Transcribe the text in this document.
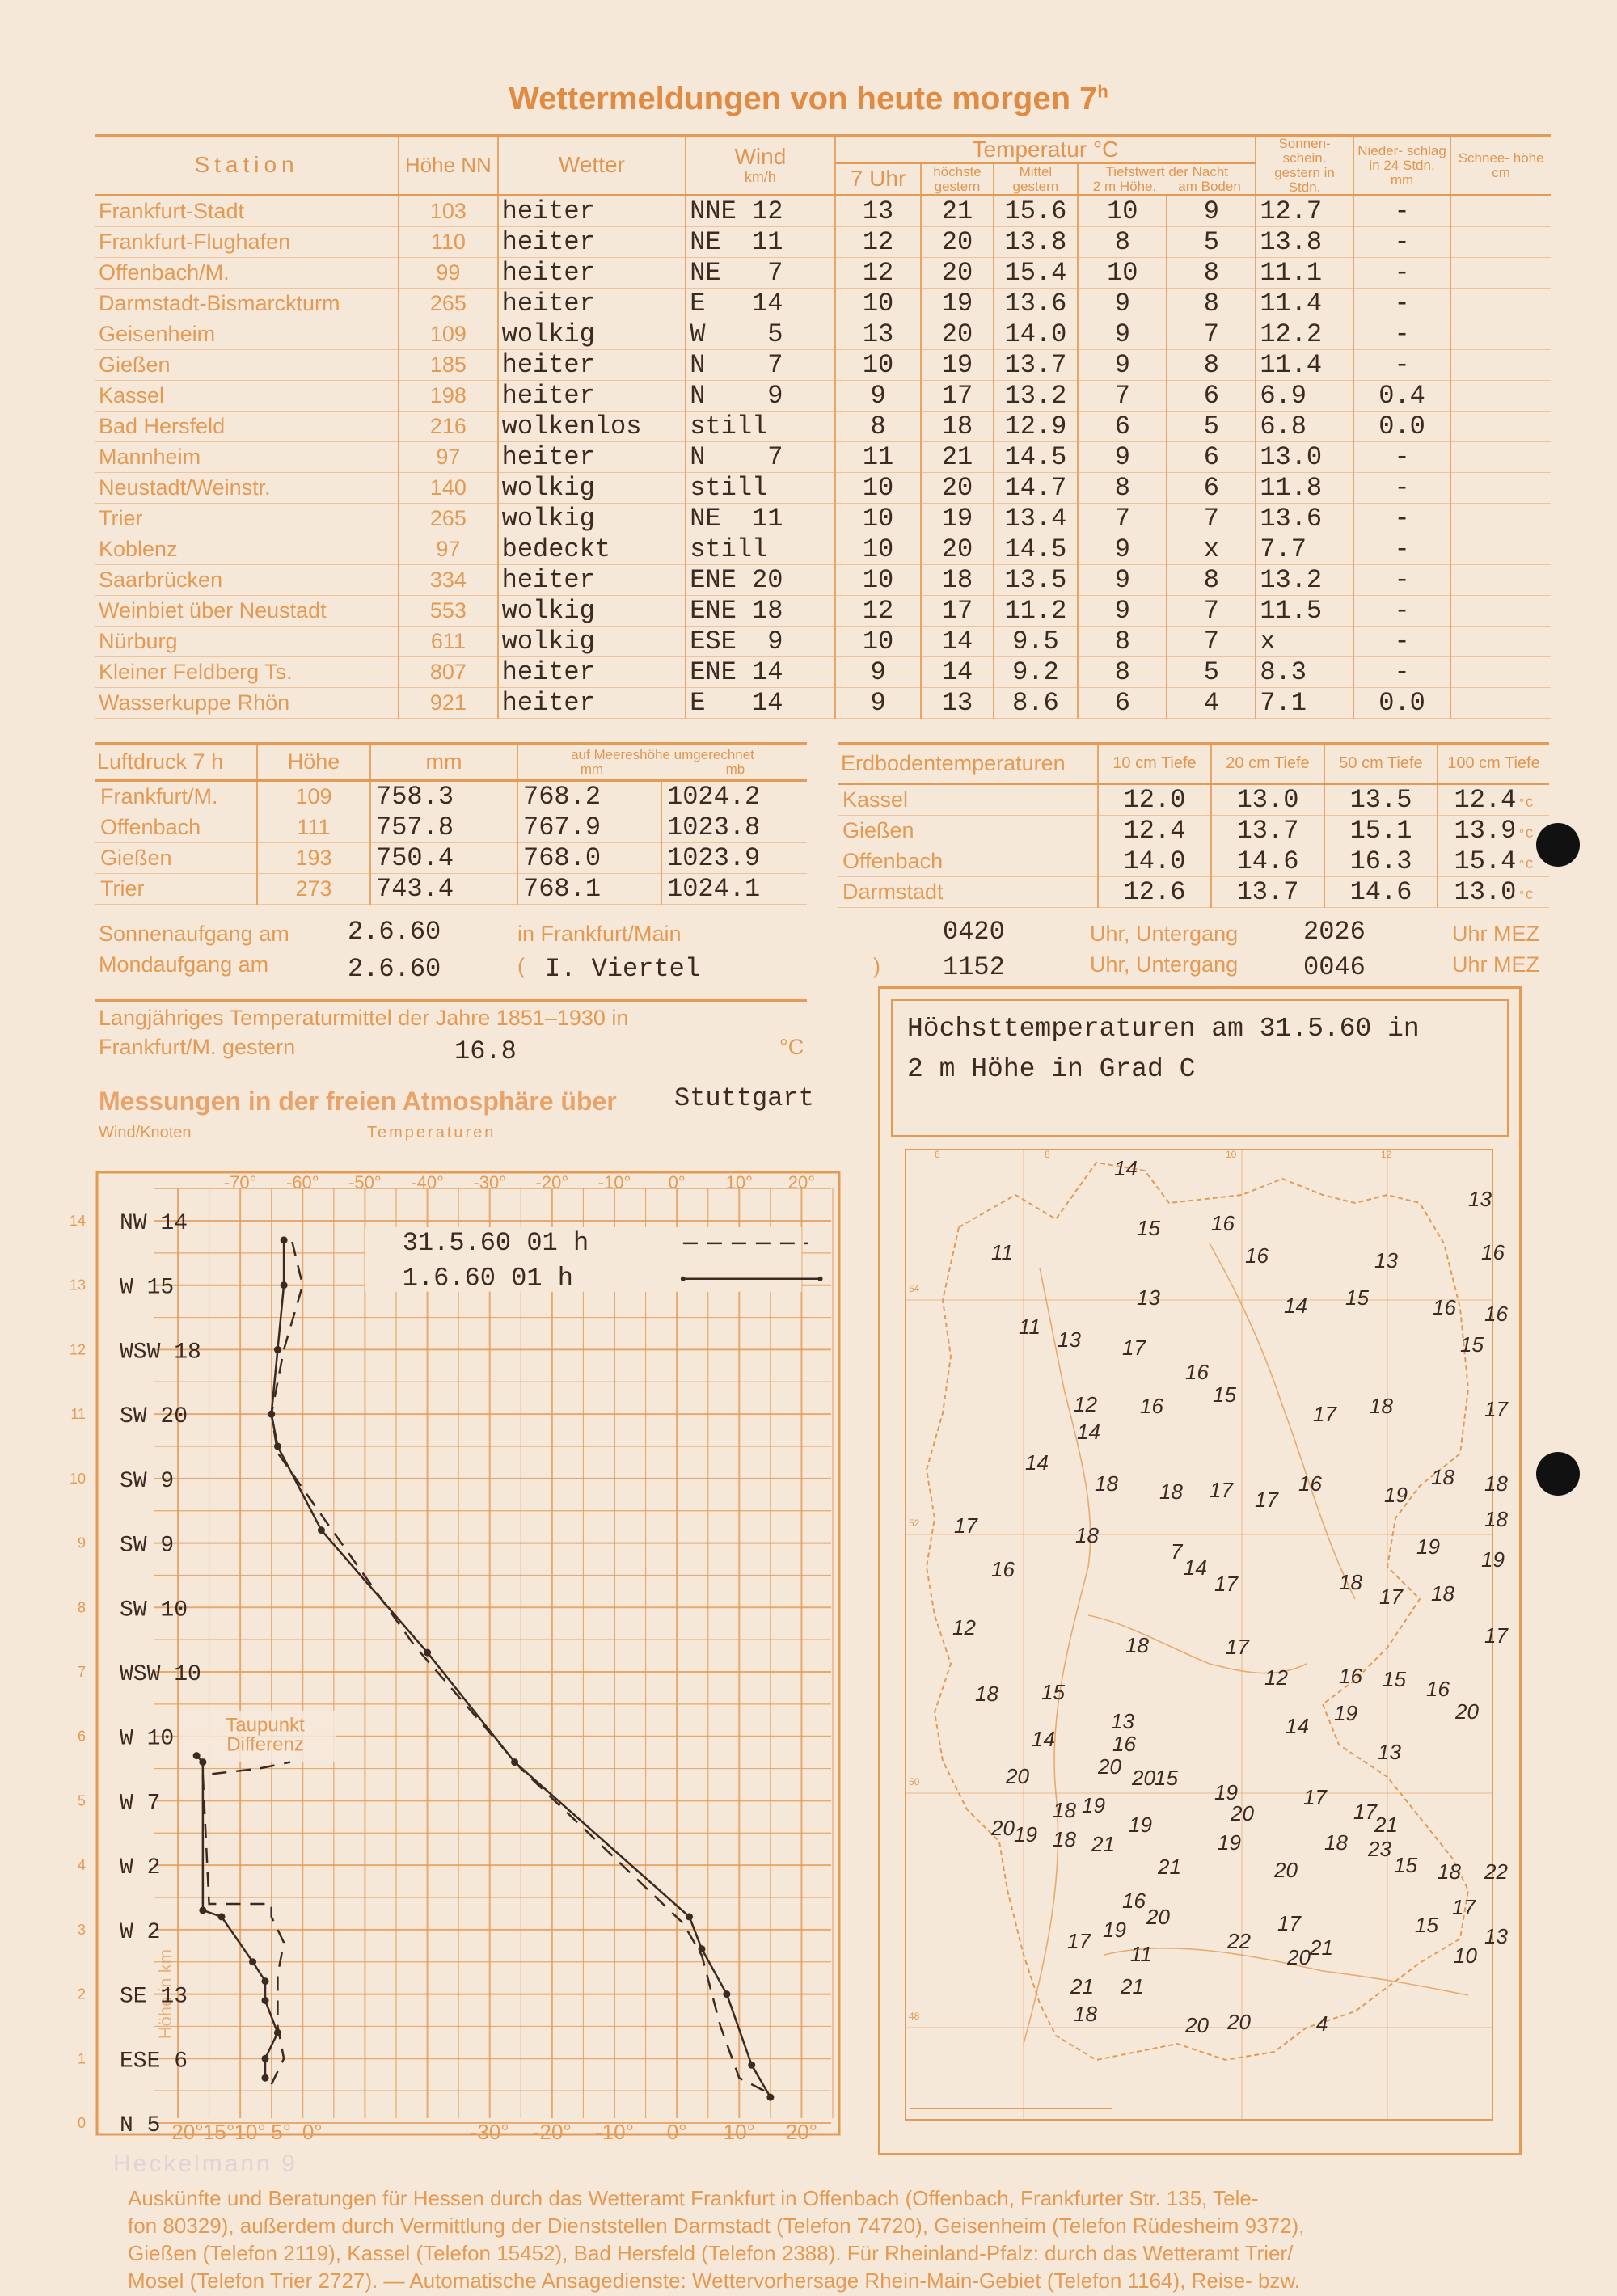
Wettermeldungen von heute morgen 7$^h$
Station	Höhe NN	Wetter	Wind
km/h	Temperatur °C					Sonnen- schein. gestern in Stdn.	Nieder- schlag in 24 Stdn. mm	Schnee- höhe cm
				7 Uhr	höchste gestern	Mittel gestern	Tiefstwert der Nacht
2 m Höhe, am Boden				

Frankfurt-Stadt	103	heiter	NNE 12	13	21	15.6	10	9	12.7	-	
Frankfurt-Flughafen	110	heiter	NE  11	12	20	13.8	8	5	13.8	-	
Offenbach/M.	99	heiter	NE   7	12	20	15.4	10	8	11.1	-	
Darmstadt-Bismarckturm	265	heiter	E   14	10	19	13.6	9	8	11.4	-	
Geisenheim	109	wolkig	W    5	13	20	14.0	9	7	12.2	-	
Gießen	185	heiter	N    7	10	19	13.7	9	8	11.4	-	
Kassel	198	heiter	N    9	9	17	13.2	7	6	6.9	0.4	
Bad Hersfeld	216	wolkenlos	still	8	18	12.9	6	5	6.8	0.0	
Mannheim	97	heiter	N    7	11	21	14.5	9	6	13.0	-	
Neustadt/Weinstr.	140	wolkig	still	10	20	14.7	8	6	11.8	-	
Trier	265	wolkig	NE  11	10	19	13.4	7	7	13.6	-	
Koblenz	97	bedeckt	still	10	20	14.5	9	x	7.7	-	
Saarbrücken	334	heiter	ENE 20	10	18	13.5	9	8	13.2	-	
Weinbiet über Neustadt	553	wolkig	ENE 18	12	17	11.2	9	7	11.5	-	
Nürburg	611	wolkig	ESE  9	10	14	9.5	8	7	x	-	
Kleiner Feldberg Ts.	807	heiter	ENE 14	9	14	9.2	8	5	8.3	-	
Wasserkuppe Rhön	921	heiter	E   14	9	13	8.6	6	4	7.1	0.0	
Luftdruck 7 h	Höhe	mm	auf Meereshöhe umgerechnet
mm mb	

Frankfurt/M.	109	758.3	768.2	1024.2
Offenbach	111	757.8	767.9	1023.8
Gießen	193	750.4	768.0	1023.9
Trier	273	743.4	768.1	1024.1
Erdbodentemperaturen	10 cm Tiefe	20 cm Tiefe	50 cm Tiefe	100 cm Tiefe
Kassel	12.0	13.0	13.5	12.4 °C
Gießen	12.4	13.7	15.1	13.9 °C
Offenbach	14.0	14.6	16.3	15.4 °C
Darmstadt	12.6	13.7	14.6	13.0 °C
Sonnenaufgang am 2.6.60	in Frankfurt/Main	0420	Uhr, Untergang	2026	Uhr MEZ
Mondaufgang am	2.6.60	( I. Viertel	) 1152	Uhr, Untergang	0046	Uhr MEZ
Langjähriges Temperaturmittel der Jahre 1851–1930 in
Frankfurt/M. gestern	16.8	°C
Messungen in der freien Atmosphäre über Stuttgart
Wind/Knoten	Temperaturen
-70° -60° -50° -40° -30° -20° -10° 0° 10° 20°
-30° -20° -10° 0° 10° 20°
20° 15° 10° 5° 0°
14
13
12
11
10
9
8
7
6
5
4
3
2
1
0
Höhe in km
NW 14
W 15
WSW 18
SW 20
SW 9
SW 9
SW 10
WSW 10
W 10
W 7
W 2
W 2
SE 13
ESE 6
N 5
31.5.60 01 h
1.6.60 01 h
Taupunkt
Differenz
Höchsttemperaturen am 31.5.60 in
2 m Höhe in Grad C
6	8	10	12
54
52
50
48
14
15 16
13
16
11	16	13
13	14 15	16 16
11
15
13 17
16
12 16 15
17 18	17
14
14
18 18	16
17 17
18 18
19
18
17	18
7
14
19
19
16
17	18	18
17
17
12
18	17
12 16 15 16
18 15
19
13	14
20
14	16	13
20 20 15
20
19	17
19
18	20	17
21
19
20 19 18 21	19	18 23
15
21	20	18 22
16
20	17
17
17 19	22	21
15 13
11	20	10
21
21
18	20 20	4
Heckelmann 9
Auskünfte und Beratungen für Hessen durch das Wetteramt Frankfurt in Offenbach (Offenbach, Frankfurter Str. 135, Tele-
fon 80329), außerdem durch Vermittlung der Dienststellen Darmstadt (Telefon 74720), Geisenheim (Telefon Rüdesheim 9372),
Gießen (Telefon 2119), Kassel (Telefon 15452), Bad Hersfeld (Telefon 2388). Für Rheinland-Pfalz: durch das Wetteramt Trier/
Mosel (Telefon Trier 2727). — Automatische Ansagedienste: Wettervorhersage Rhein-Main-Gebiet (Telefon 1164), Reise- bzw.
